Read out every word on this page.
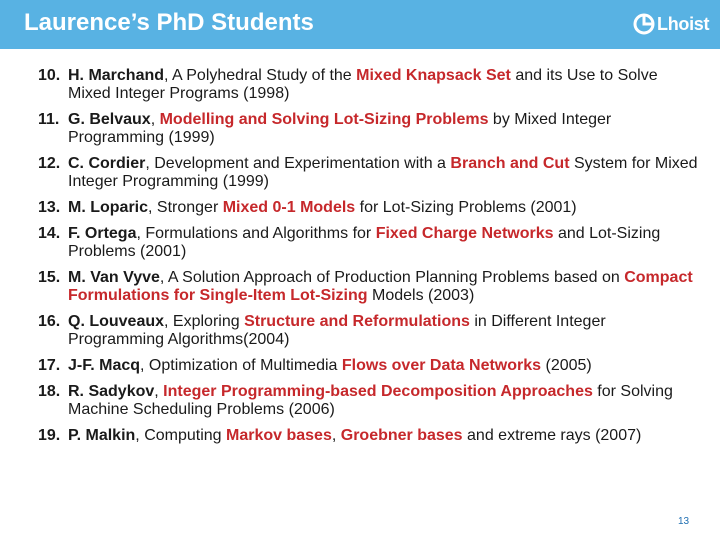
Laurence’s PhD Students	Lhoist
10. H. Marchand, A Polyhedral Study of the Mixed Knapsack Set and its Use to Solve Mixed Integer Programs (1998)
11. G. Belvaux, Modelling and Solving Lot-Sizing Problems by Mixed Integer Programming (1999)
12. C. Cordier, Development and Experimentation with a Branch and Cut System for Mixed Integer Programming (1999)
13. M. Loparic, Stronger Mixed 0-1 Models for Lot-Sizing Problems (2001)
14. F. Ortega, Formulations and Algorithms for Fixed Charge Networks and Lot-Sizing Problems (2001)
15. M. Van Vyve, A Solution Approach of Production Planning Problems based on Compact Formulations for Single-Item Lot-Sizing Models (2003)
16. Q. Louveaux, Exploring Structure and Reformulations in Different Integer Programming Algorithms(2004)
17. J-F. Macq, Optimization of Multimedia Flows over Data Networks (2005)
18. R. Sadykov, Integer Programming-based Decomposition Approaches for Solving Machine Scheduling Problems (2006)
19. P. Malkin, Computing Markov bases, Groebner bases and extreme rays (2007)
13
